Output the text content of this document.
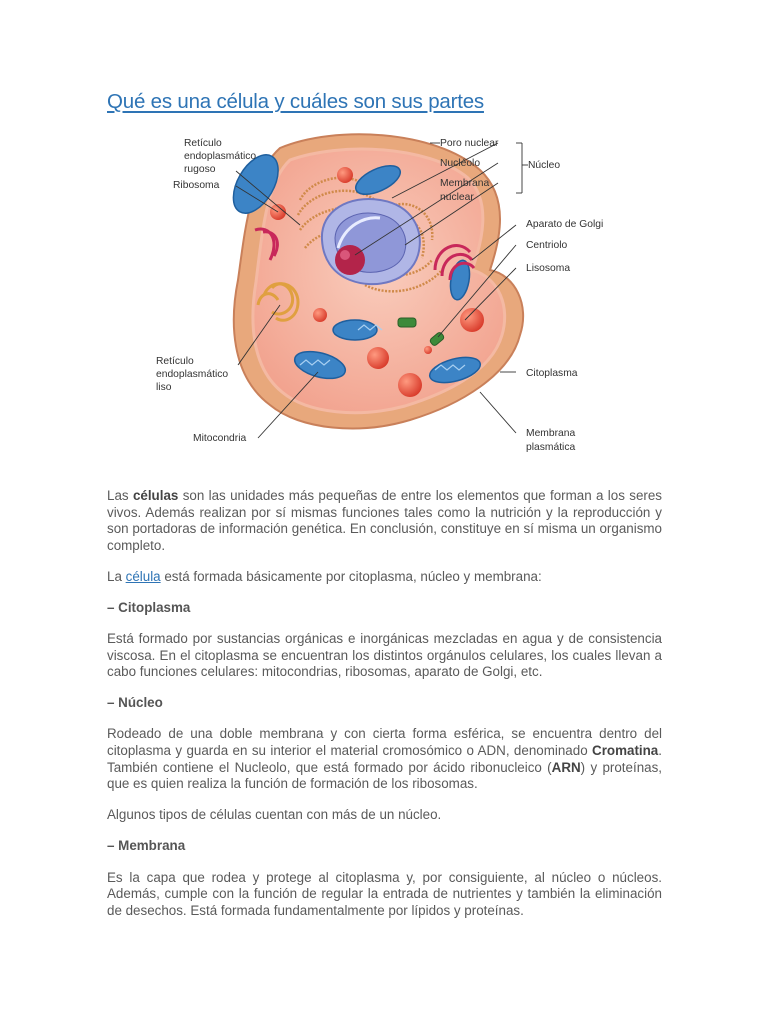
Qué es una célula y cuáles son sus partes
Retículo endoplasmático rugoso
Ribosoma
Retículo endoplasmático liso
Mitocondria
Poro nuclear
Nucléolo
Membrana nuclear
Núcleo
Aparato de Golgi
Centriolo
Lisosoma
Citoplasma
Membrana plasmática

Las células son las unidades más pequeñas de entre los elementos que forman a los seres vivos. Además realizan por sí mismas funciones tales como la nutrición y la reproducción y son portadoras de información genética. En conclusión, constituye en sí misma un organismo completo.

La célula está formada básicamente por citoplasma, núcleo y membrana:

– Citoplasma

Está formado por sustancias orgánicas e inorgánicas mezcladas en agua y de consistencia viscosa. En el citoplasma se encuentran los distintos orgánulos celulares, los cuales llevan a cabo funciones celulares: mitocondrias, ribosomas, aparato de Golgi, etc.

– Núcleo

Rodeado de una doble membrana y con cierta forma esférica, se encuentra dentro del citoplasma y guarda en su interior el material cromosómico o ADN, denominado Cromatina. También contiene el Nucleolo, que está formado por ácido ribonucleico (ARN) y proteínas, que es quien realiza la función de formación de los ribosomas.

Algunos tipos de células cuentan con más de un núcleo.

– Membrana

Es la capa que rodea y protege al citoplasma y, por consiguiente, al núcleo o núcleos. Además, cumple con la función de regular la entrada de nutrientes y también la eliminación de desechos. Está formada fundamentalmente por lípidos y proteínas.
